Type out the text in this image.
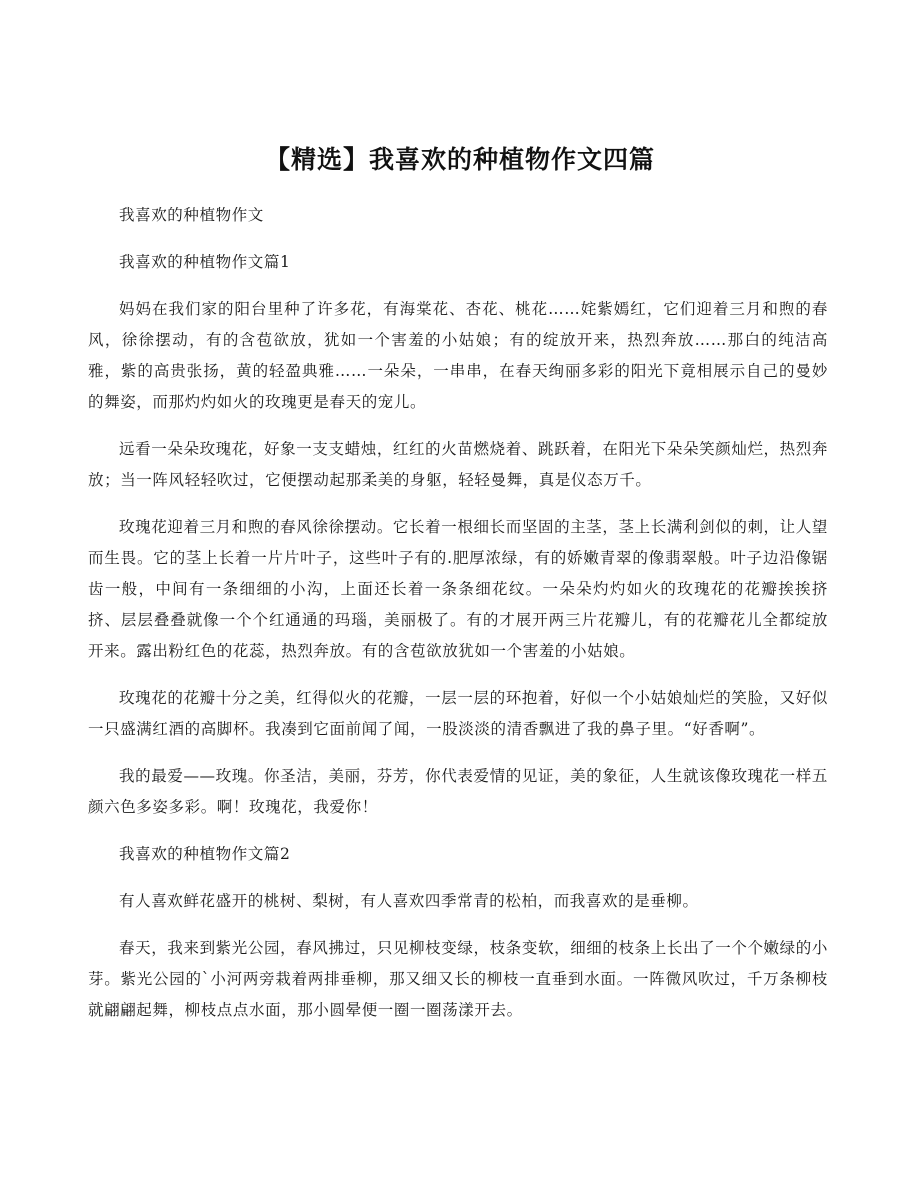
【精选】我喜欢的种植物作文四篇

我喜欢的种植物作文

我喜欢的种植物作文篇1

妈妈在我们家的阳台里种了许多花，有海棠花、杏花、桃花……姹紫嫣红，它们迎着三月和煦的春风，徐徐摆动，有的含苞欲放，犹如一个害羞的小姑娘；有的绽放开来，热烈奔放……那白的纯洁高雅，紫的高贵张扬，黄的轻盈典雅……一朵朵，一串串，在春天绚丽多彩的阳光下竟相展示自己的曼妙的舞姿，而那灼灼如火的玫瑰更是春天的宠儿。

远看一朵朵玫瑰花，好象一支支蜡烛，红红的火苗燃烧着、跳跃着，在阳光下朵朵笑颜灿烂，热烈奔放；当一阵风轻轻吹过，它便摆动起那柔美的身躯，轻轻曼舞，真是仪态万千。

玫瑰花迎着三月和煦的春风徐徐摆动。它长着一根细长而坚固的主茎，茎上长满利剑似的刺，让人望而生畏。它的茎上长着一片片叶子，这些叶子有的.肥厚浓绿，有的娇嫩青翠的像翡翠般。叶子边沿像锯齿一般，中间有一条细细的小沟，上面还长着一条条细花纹。一朵朵灼灼如火的玫瑰花的花瓣挨挨挤挤、层层叠叠就像一个个红通通的玛瑙，美丽极了。有的才展开两三片花瓣儿，有的花瓣花儿全都绽放开来。露出粉红色的花蕊，热烈奔放。有的含苞欲放犹如一个害羞的小姑娘。

玫瑰花的花瓣十分之美，红得似火的花瓣，一层一层的环抱着，好似一个小姑娘灿烂的笑脸，又好似一只盛满红酒的高脚杯。我凑到它面前闻了闻，一股淡淡的清香飘进了我的鼻子里。“好香啊”。

我的最爱——玫瑰。你圣洁，美丽，芬芳，你代表爱情的见证，美的象征，人生就该像玫瑰花一样五颜六色多姿多彩。啊！玫瑰花，我爱你！

我喜欢的种植物作文篇2

有人喜欢鲜花盛开的桃树、梨树，有人喜欢四季常青的松柏，而我喜欢的是垂柳。

春天，我来到紫光公园，春风拂过，只见柳枝变绿，枝条变软，细细的枝条上长出了一个个嫩绿的小芽。紫光公园的`小河两旁栽着两排垂柳，那又细又长的柳枝一直垂到水面。一阵微风吹过，千万条柳枝就翩翩起舞，柳枝点点水面，那小圆晕便一圈一圈荡漾开去。
